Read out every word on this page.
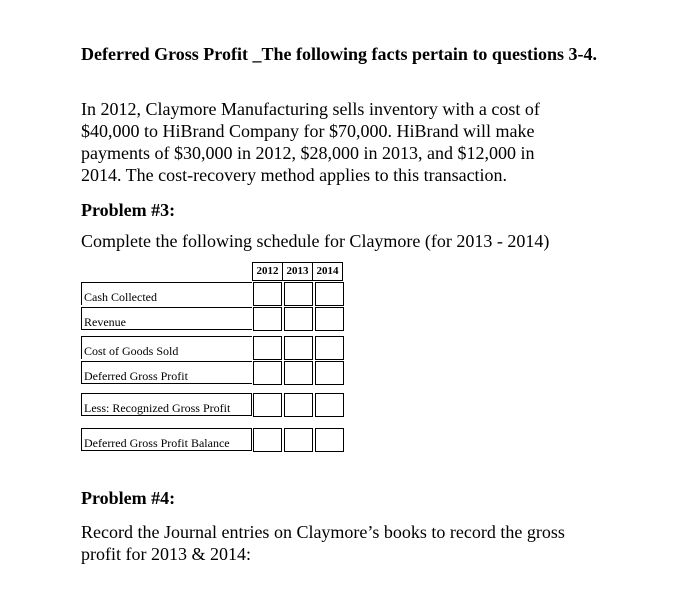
Deferred Gross Profit _The following facts pertain to questions 3-4.
In 2012, Claymore Manufacturing sells inventory with a cost of
$40,000 to HiBrand Company for $70,000. HiBrand will make
payments of $30,000 in 2012, $28,000 in 2013, and $12,000 in
2014. The cost-recovery method applies to this transaction.
Problem #3:
Complete the following schedule for Claymore (for 2013 - 2014)
2012 2013 2014
Cash Collected
Revenue
Cost of Goods Sold
Deferred Gross Profit
Less: Recognized Gross Profit
Deferred Gross Profit Balance
Problem #4:
Record the Journal entries on Claymore’s books to record the gross
profit for 2013 & 2014:
